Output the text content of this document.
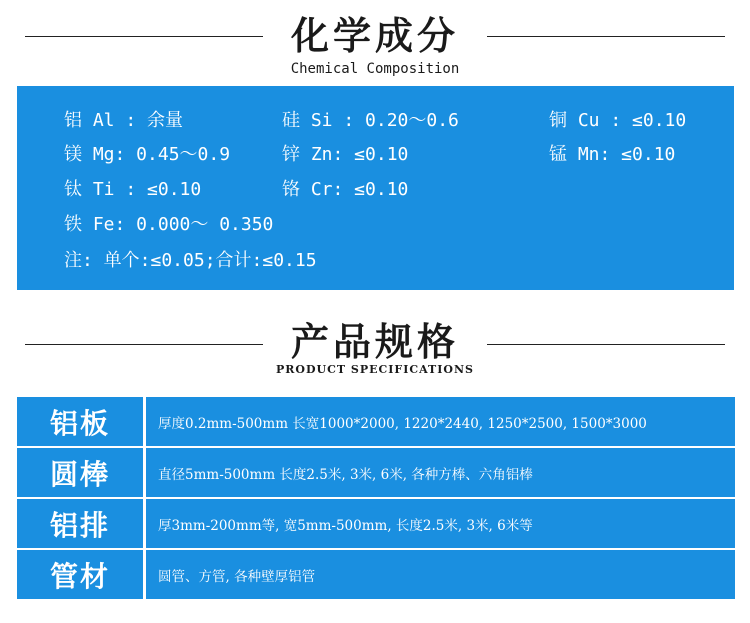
化学成分
Chemical Composition
铝 Al : 余量	硅 Si : 0.20～0.6	铜 Cu : ≤0.10
镁 Mg: 0.45～0.9	锌 Zn: ≤0.10	锰 Mn: ≤0.10
钛 Ti : ≤0.10	铬 Cr: ≤0.10
铁 Fe: 0.000～ 0.350
注: 单个:≤0.05;合计:≤0.15
产品规格
PRODUCT SPECIFICATIONS
铝板	厚度0.2mm-500mm 长宽1000*2000, 1220*2440, 1250*2500, 1500*3000
圆棒	直径5mm-500mm 长度2.5米, 3米, 6米, 各种方棒、六角铝棒
铝排	厚3mm-200mm等, 宽5mm-500mm, 长度2.5米, 3米, 6米等
管材	圆管、方管, 各种壁厚铝管
